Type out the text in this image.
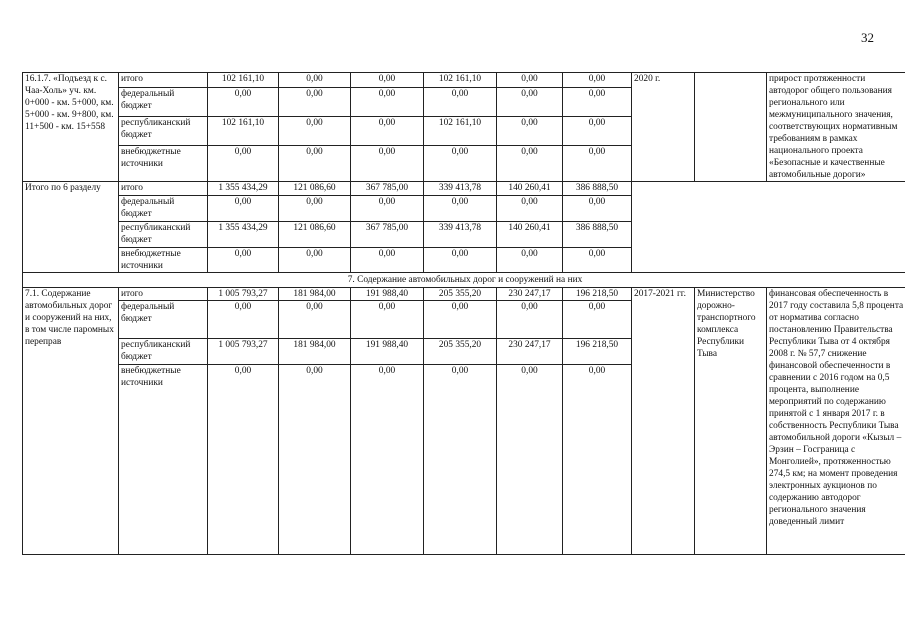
32
16.1.7. «Подъезд к с. Чаа-Холь» уч. км. 0+000 - км. 5+000, км. 5+000 - км. 9+800, км. 11+500 - км. 15+558	итого	102 161,10	0,00	0,00	102 161,10	0,00	0,00	2020 г.		прирост протяженности автодорог общего пользования регионального или межмуниципального значения, соответствующих нормативным требованиям в рамках национального проекта «Безопасные и качественные автомобильные дороги»
	федеральный бюджет	0,00	0,00	0,00	0,00	0,00	0,00			
	республиканский бюджет	102 161,10	0,00	0,00	102 161,10	0,00	0,00			
	внебюджетные источники	0,00	0,00	0,00	0,00	0,00	0,00			
Итого по 6 разделу	итого	1 355 434,29	121 086,60	367 785,00	339 413,78	140 260,41	386 888,50			
	федеральный бюджет	0,00	0,00	0,00	0,00	0,00	0,00			
	республиканский бюджет	1 355 434,29	121 086,60	367 785,00	339 413,78	140 260,41	386 888,50			
	внебюджетные источники	0,00	0,00	0,00	0,00	0,00	0,00			
7. Содержание автомобильных дорог и сооружений на них										
7.1. Содержание автомобильных дорог и сооружений на них, в том числе паромных переправ	итого	1 005 793,27	181 984,00	191 988,40	205 355,20	230 247,17	196 218,50	2017-2021 гг.	Министерство дорожно-транспортного комплекса Республики Тыва	финансовая обеспеченность в 2017 году составила 5,8 процента от норматива согласно постановлению Правительства Республики Тыва от 4 октября 2008 г. № 57,7 снижение финансовой обеспеченности в сравнении с 2016 годом на 0,5 процента, выполнение мероприятий по содержанию принятой с 1 января 2017 г. в собственность Республики Тыва автомобильной дороги «Кызыл – Эрзин – Госграница с Монголией», протяженностью 274,5 км; на момент проведения электронных аукционов по содержанию автодорог регионального значения доведенный лимит
	федеральный бюджет	0,00	0,00	0,00	0,00	0,00	0,00			
	республиканский бюджет	1 005 793,27	181 984,00	191 988,40	205 355,20	230 247,17	196 218,50			
	внебюджетные источники	0,00	0,00	0,00	0,00	0,00	0,00			
